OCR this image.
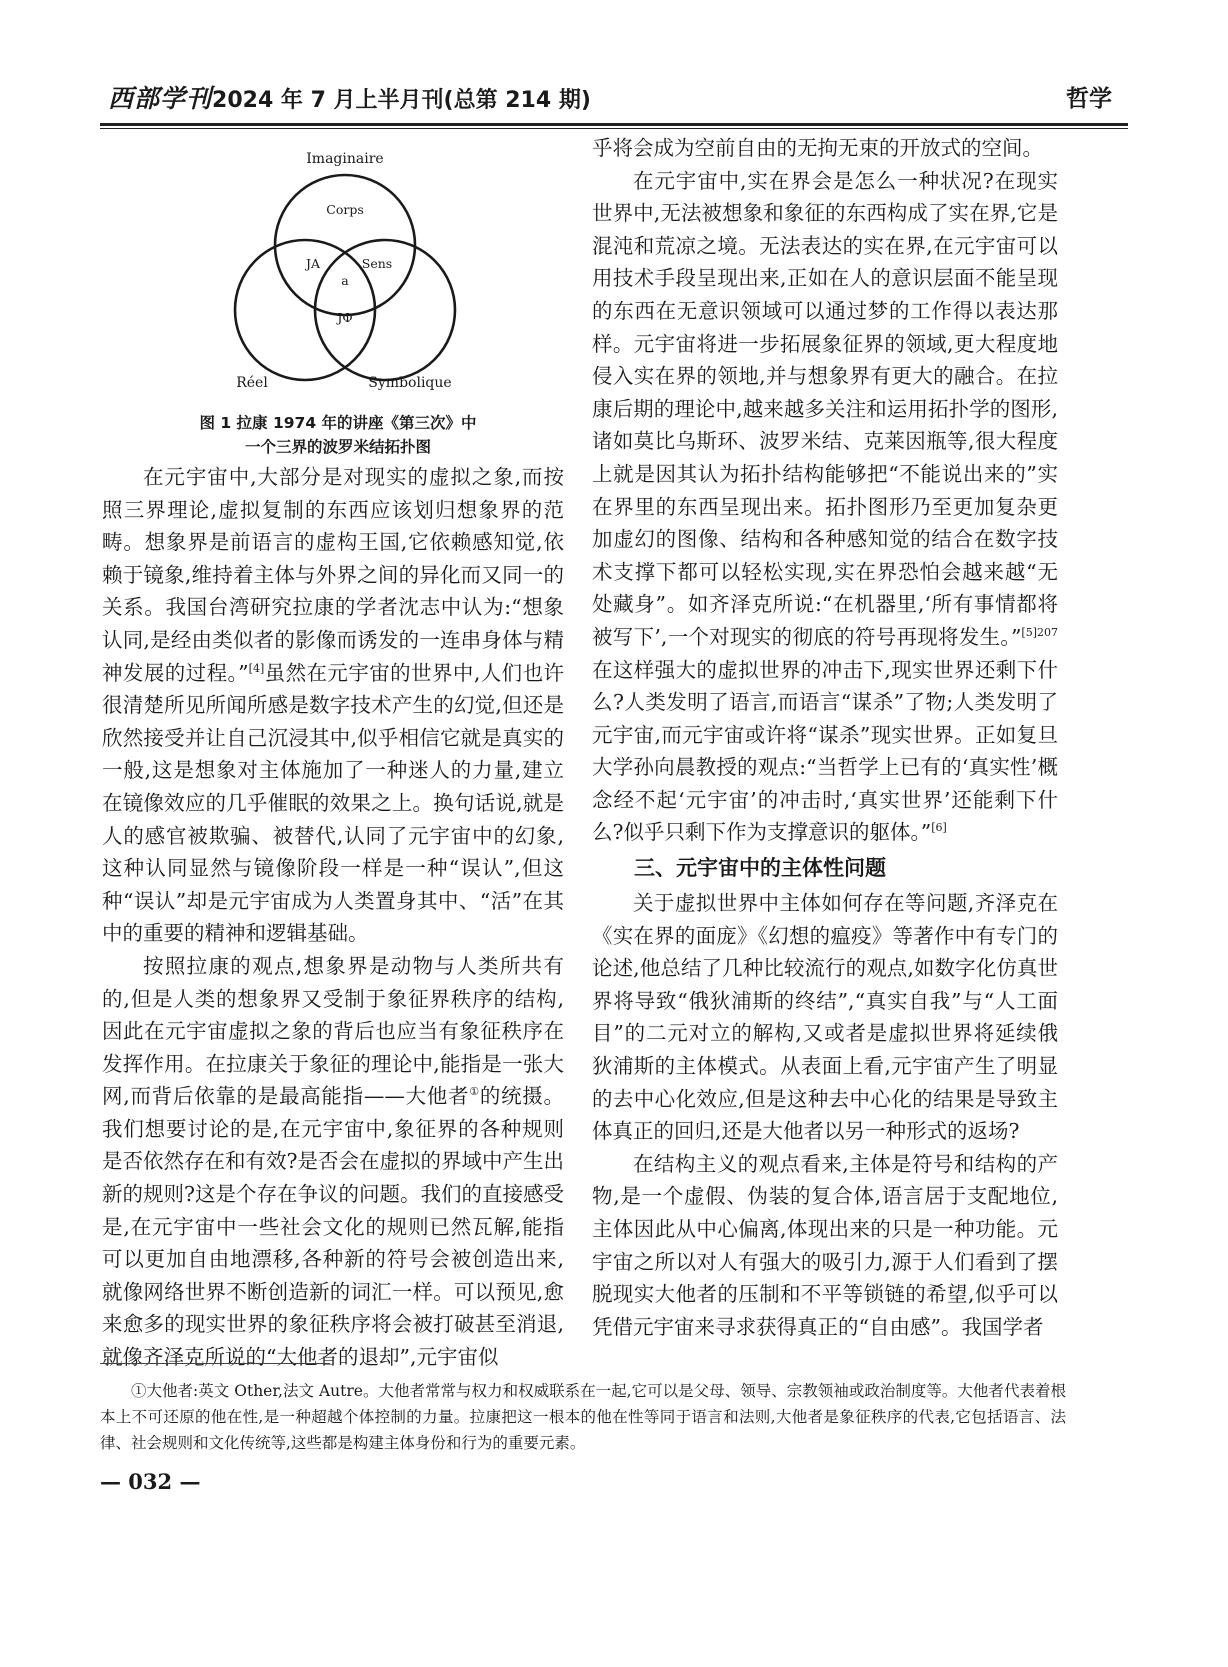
西部学刊2024 年 7 月上半月刊(总第 214 期)	哲学
Imaginaire
Corps
JA	Sens
a
JΦ
Réel	Symbolique
图 1 拉康 1974 年的讲座《第三次》中
一个三界的波罗米结拓扑图

在元宇宙中,大部分是对现实的虚拟之象,而按照三界理论,虚拟复制的东西应该划归想象界的范畴。想象界是前语言的虚构王国,它依赖感知觉,依赖于镜象,维持着主体与外界之间的异化而又同一的关系。我国台湾研究拉康的学者沈志中认为:“想象认同,是经由类似者的影像而诱发的一连串身体与精神发展的过程。”[4]虽然在元宇宙的世界中,人们也许很清楚所见所闻所感是数字技术产生的幻觉,但还是欣然接受并让自己沉浸其中,似乎相信它就是真实的一般,这是想象对主体施加了一种迷人的力量,建立在镜像效应的几乎催眠的效果之上。换句话说,就是人的感官被欺骗、被替代,认同了元宇宙中的幻象,这种认同显然与镜像阶段一样是一种“误认”,但这种“误认”却是元宇宙成为人类置身其中、“活”在其中的重要的精神和逻辑基础。

按照拉康的观点,想象界是动物与人类所共有的,但是人类的想象界又受制于象征界秩序的结构,因此在元宇宙虚拟之象的背后也应当有象征秩序在发挥作用。在拉康关于象征的理论中,能指是一张大网,而背后依靠的是最高能指——大他者①的统摄。我们想要讨论的是,在元宇宙中,象征界的各种规则是否依然存在和有效?是否会在虚拟的界域中产生出新的规则?这是个存在争议的问题。我们的直接感受是,在元宇宙中一些社会文化的规则已然瓦解,能指可以更加自由地漂移,各种新的符号会被创造出来,就像网络世界不断创造新的词汇一样。可以预见,愈来愈多的现实世界的象征秩序将会被打破甚至消退,就像齐泽克所说的“大他者的退却”,元宇宙似

乎将会成为空前自由的无拘无束的开放式的空间。

在元宇宙中,实在界会是怎么一种状况?在现实世界中,无法被想象和象征的东西构成了实在界,它是混沌和荒凉之境。无法表达的实在界,在元宇宙可以用技术手段呈现出来,正如在人的意识层面不能呈现的东西在无意识领域可以通过梦的工作得以表达那样。元宇宙将进一步拓展象征界的领域,更大程度地侵入实在界的领地,并与想象界有更大的融合。在拉康后期的理论中,越来越多关注和运用拓扑学的图形,诸如莫比乌斯环、波罗米结、克莱因瓶等,很大程度上就是因其认为拓扑结构能够把“不能说出来的”实在界里的东西呈现出来。拓扑图形乃至更加复杂更加虚幻的图像、结构和各种感知觉的结合在数字技术支撑下都可以轻松实现,实在界恐怕会越来越“无处藏身”。如齐泽克所说:“在机器里,‘所有事情都将被写下’,一个对现实的彻底的符号再现将发生。”$^{[5]207}$在这样强大的虚拟世界的冲击下,现实世界还剩下什么?人类发明了语言,而语言“谋杀”了物;人类发明了元宇宙,而元宇宙或许将“谋杀”现实世界。正如复旦大学孙向晨教授的观点:“当哲学上已有的‘真实性’概念经不起‘元宇宙’的冲击时,‘真实世界’还能剩下什么?似乎只剩下作为支撑意识的躯体。”[6]

三、元宇宙中的主体性问题

关于虚拟世界中主体如何存在等问题,齐泽克在《实在界的面庞》《幻想的瘟疫》等著作中有专门的论述,他总结了几种比较流行的观点,如数字化仿真世界将导致“俄狄浦斯的终结”,“真实自我”与“人工面目”的二元对立的解构,又或者是虚拟世界将延续俄狄浦斯的主体模式。从表面上看,元宇宙产生了明显的去中心化效应,但是这种去中心化的结果是导致主体真正的回归,还是大他者以另一种形式的返场?

在结构主义的观点看来,主体是符号和结构的产物,是一个虚假、伪装的复合体,语言居于支配地位,主体因此从中心偏离,体现出来的只是一种功能。元宇宙之所以对人有强大的吸引力,源于人们看到了摆脱现实大他者的压制和不平等锁链的希望,似乎可以凭借元宇宙来寻求获得真正的“自由感”。我国学者

①大他者:英文 Other,法文 Autre。大他者常常与权力和权威联系在一起,它可以是父母、领导、宗教领袖或政治制度等。大他者代表着根本上不可还原的他在性,是一种超越个体控制的力量。拉康把这一根本的他在性等同于语言和法则,大他者是象征秩序的代表,它包括语言、法律、社会规则和文化传统等,这些都是构建主体身份和行为的重要元素。
— 032 —
